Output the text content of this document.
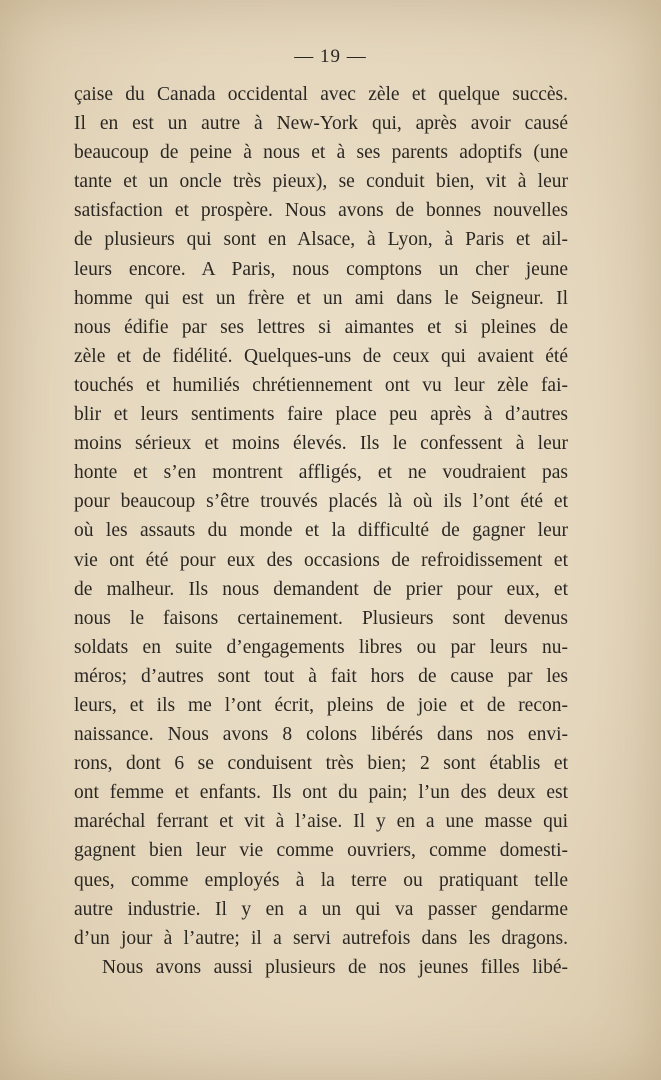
— 19 —
çaise du Canada occidental avec zèle et quelque succès.
Il en est un autre à New-York qui, après avoir causé
beaucoup de peine à nous et à ses parents adoptifs (une
tante et un oncle très pieux), se conduit bien, vit à leur
satisfaction et prospère. Nous avons de bonnes nouvelles
de plusieurs qui sont en Alsace, à Lyon, à Paris et ail-
leurs encore. A Paris, nous comptons un cher jeune
homme qui est un frère et un ami dans le Seigneur. Il
nous édifie par ses lettres si aimantes et si pleines de
zèle et de fidélité. Quelques-uns de ceux qui avaient été
touchés et humiliés chrétiennement ont vu leur zèle fai-
blir et leurs sentiments faire place peu après à d’autres
moins sérieux et moins élevés. Ils le confessent à leur
honte et s’en montrent affligés, et ne voudraient pas
pour beaucoup s’être trouvés placés là où ils l’ont été et
où les assauts du monde et la difficulté de gagner leur
vie ont été pour eux des occasions de refroidissement et
de malheur. Ils nous demandent de prier pour eux, et
nous le faisons certainement. Plusieurs sont devenus
soldats en suite d’engagements libres ou par leurs nu-
méros; d’autres sont tout à fait hors de cause par les
leurs, et ils me l’ont écrit, pleins de joie et de recon-
naissance. Nous avons 8 colons libérés dans nos envi-
rons, dont 6 se conduisent très bien; 2 sont établis et
ont femme et enfants. Ils ont du pain; l’un des deux est
maréchal ferrant et vit à l’aise. Il y en a une masse qui
gagnent bien leur vie comme ouvriers, comme domesti-
ques, comme employés à la terre ou pratiquant telle
autre industrie. Il y en a un qui va passer gendarme
d’un jour à l’autre; il a servi autrefois dans les dragons.
Nous avons aussi plusieurs de nos jeunes filles libé-
